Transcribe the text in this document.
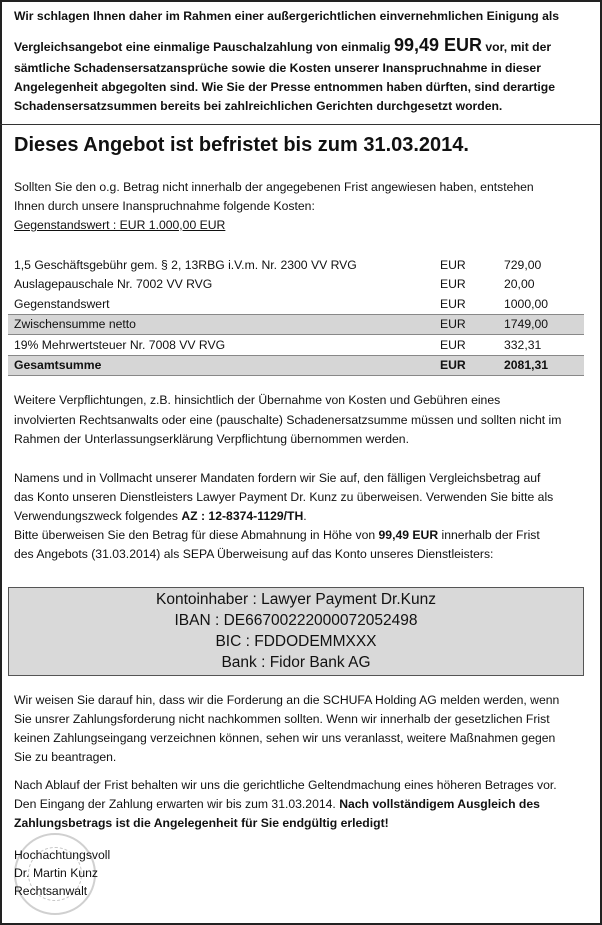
Wir schlagen Ihnen daher im Rahmen einer außergerichtlichen einvernehmlichen Einigung als
Vergleichsangebot eine einmalige Pauschalzahlung von einmalig 99,49 EUR vor, mit der
sämtliche Schadensersatzansprüche sowie die Kosten unserer Inanspruchnahme in dieser
Angelegenheit abgegolten sind. Wie Sie der Presse entnommen haben dürften, sind derartige
Schadensersatzsummen bereits bei zahlreichlichen Gerichten durchgesetzt worden.
Dieses Angebot ist befristet bis zum 31.03.2014.
Sollten Sie den o.g. Betrag nicht innerhalb der angegebenen Frist angewiesen haben, entstehen
Ihnen durch unsere Inanspruchnahme folgende Kosten:
Gegenstandswert : EUR 1.000,00 EUR
1,5 Geschäftsgebühr gem. § 2, 13RBG i.V.m. Nr. 2300 VV RVG	EUR	729,00
Auslagepauschale Nr. 7002 VV RVG	EUR	20,00
Gegenstandswert	EUR	1000,00
Zwischensumme netto	EUR	1749,00
19% Mehrwertsteuer Nr. 7008 VV RVG	EUR	332,31
Gesamtsumme	EUR	2081,31
Weitere Verpflichtungen, z.B. hinsichtlich der Übernahme von Kosten und Gebühren eines
involvierten Rechtsanwalts oder eine (pauschalte) Schadenersatzsumme müssen und sollten nicht im
Rahmen der Unterlassungserklärung Verpflichtung übernommen werden.
Namens und in Vollmacht unserer Mandaten fordern wir Sie auf, den fälligen Vergleichsbetrag auf
das Konto unseren Dienstleisters Lawyer Payment Dr. Kunz zu überweisen. Verwenden Sie bitte als
Verwendungszweck folgendes AZ : 12-8374-1129/TH.
Bitte überweisen Sie den Betrag für diese Abmahnung in Höhe von 99,49 EUR innerhalb der Frist
des Angebots (31.03.2014) als SEPA Überweisung auf das Konto unseres Dienstleisters:
Kontoinhaber : Lawyer Payment Dr.Kunz
IBAN : DE66700222000072052498
BIC : FDDODEMMXXX
Bank : Fidor Bank AG
Wir weisen Sie darauf hin, dass wir die Forderung an die SCHUFA Holding AG melden werden, wenn
Sie unsrer Zahlungsforderung nicht nachkommen sollten. Wenn wir innerhalb der gesetzlichen Frist
keinen Zahlungseingang verzeichnen können, sehen wir uns veranlasst, weitere Maßnahmen gegen
Sie zu beantragen.
Nach Ablauf der Frist behalten wir uns die gerichtliche Geltendmachung eines höheren Betrages vor.
Den Eingang der Zahlung erwarten wir bis zum 31.03.2014. Nach vollständigem Ausgleich des
Zahlungsbetrags ist die Angelegenheit für Sie endgültig erledigt!
Hochachtungsvoll
Dr. Martin Kunz
Rechtsanwalt
